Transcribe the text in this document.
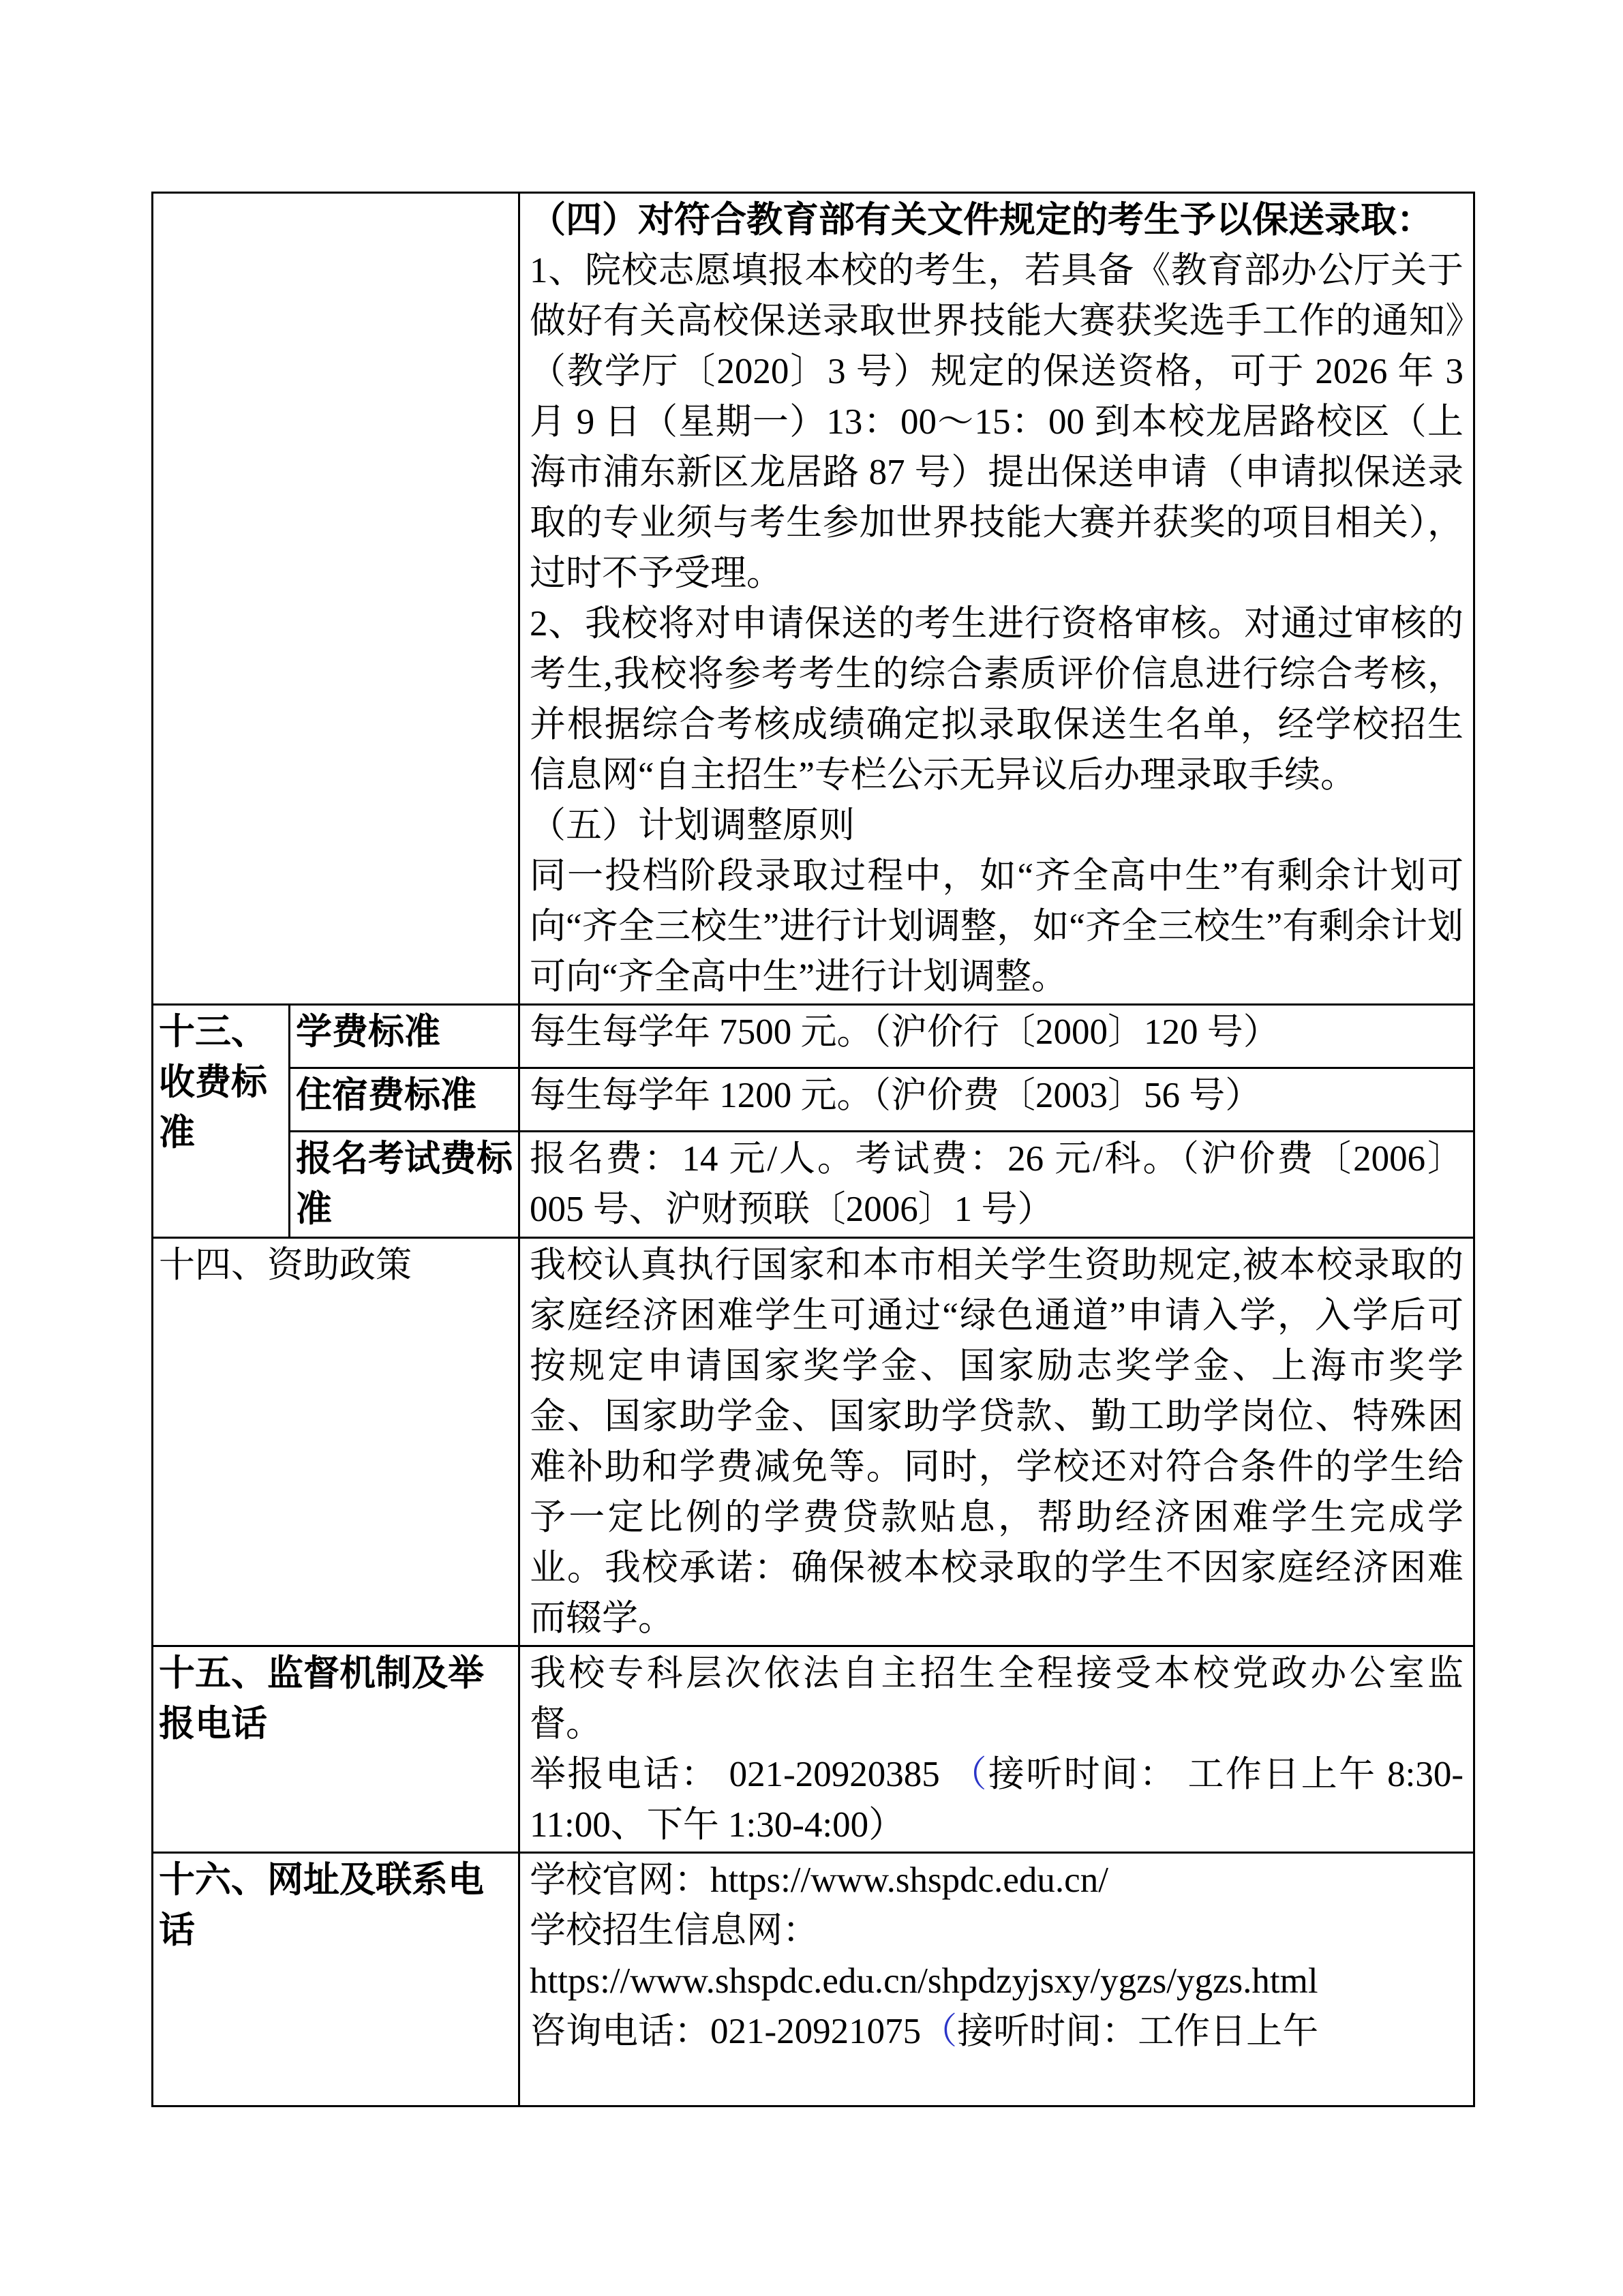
		（四）对符合教育部有关文件规定的考生予以保送录取：

1、院校志愿填报本校的考生，若具备《教育部办公厅关于做好有关高校保送录取世界技能大赛获奖选手工作的通知》（教学厅〔2020〕3 号）规定的保送资格，可于 2026 年 3 月 9 日（星期一）13：00～15：00 到本校龙居路校区（上海市浦东新区龙居路 87 号）提出保送申请（申请拟保送录取的专业须与考生参加世界技能大赛并获奖的项目相关），过时不予受理。

2、我校将对申请保送的考生进行资格审核。对通过审核的考生,我校将参考考生的综合素质评价信息进行综合考核，并根据综合考核成绩确定拟录取保送生名单，经学校招生信息网“自主招生”专栏公示无异议后办理录取手续。

（五）计划调整原则

同一投档阶段录取过程中，如“齐全高中生”有剩余计划可向“齐全三校生”进行计划调整，如“齐全三校生”有剩余计划可向“齐全高中生”进行计划调整。

十三、收费标准	学费标准	每生每学年 7500 元。（沪价行〔2000〕120 号）
	住宿费标准	每生每学年 1200 元。（沪价费〔2003〕56 号）
	报名考试费标准	报名费：14 元/人。考试费：26 元/科。（沪价费〔2006〕005 号、沪财预联〔2006〕1 号）
十四、资助政策		我校认真执行国家和本市相关学生资助规定,被本校录取的家庭经济困难学生可通过“绿色通道”申请入学，入学后可按规定申请国家奖学金、国家励志奖学金、上海市奖学金、国家助学金、国家助学贷款、勤工助学岗位、特殊困难补助和学费减免等。同时，学校还对符合条件的学生给予一定比例的学费贷款贴息，帮助经济困难学生完成学业。我校承诺：确保被本校录取的学生不因家庭经济困难而辍学。

十五、监督机制及举报电话		我校专科层次依法自主招生全程接受本校党政办公室监督。

举报电话： 021-20920385 （接听时间： 工作日上午 8:30-11:00、下午 1:30-4:00）

十六、网址及联系电话		学校官网：https://www.shspdc.edu.cn/

学校招生信息网：

https://www.shspdc.edu.cn/shpdzyjsxy/ygzs/ygzs.html

咨询电话：021-20921075（接听时间：工作日上午
